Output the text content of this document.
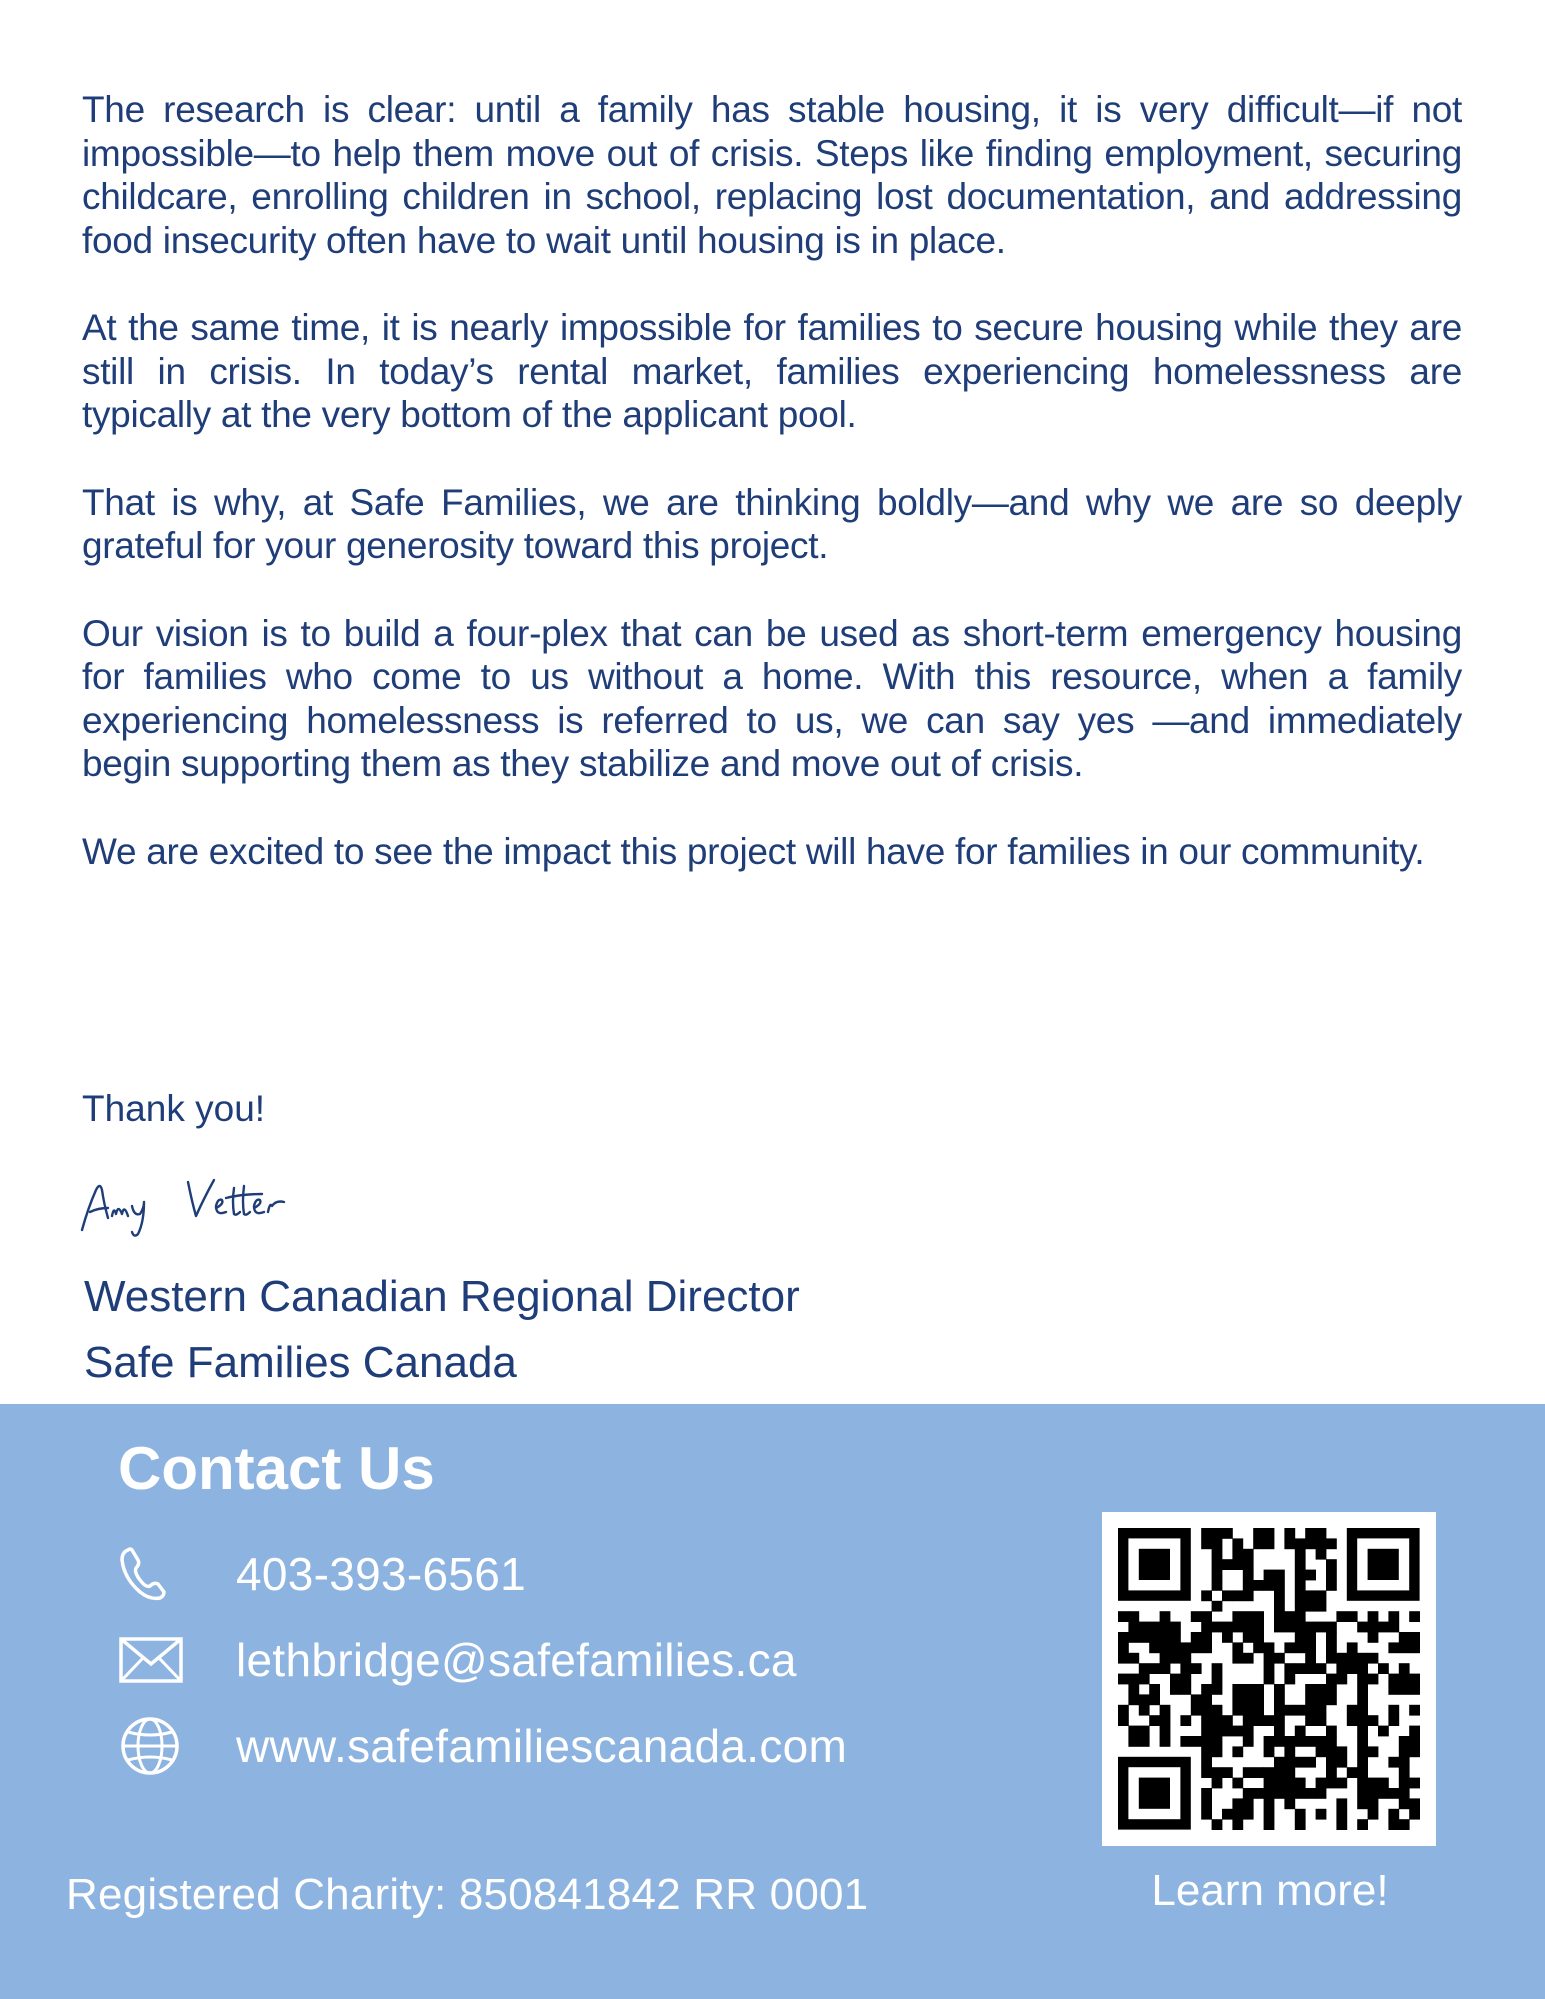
The research is clear: until a family has stable housing, it is very difficult—if not impossible—to help them move out of crisis. Steps like finding employment, securing childcare, enrolling children in school, replacing lost documentation, and addressing food insecurity often have to wait until housing is in place.

At the same time, it is nearly impossible for families to secure housing while they are still in crisis. In today’s rental market, families experiencing homelessness are typically at the very bottom of the applicant pool.

That is why, at Safe Families, we are thinking boldly—and why we are so deeply grateful for your generosity toward this project.

Our vision is to build a four-plex that can be used as short-term emergency housing for families who come to us without a home. With this resource, when a family experiencing homelessness is referred to us, we can say yes —and immediately begin supporting them as they stabilize and move out of crisis.

We are excited to see the impact this project will have for families in our community.

Thank you!

Amy Vetter
Western Canadian Regional Director
Safe Families Canada
Contact Us
403-393-6561
lethbridge@safefamilies.ca
www.safefamiliescanada.com
Registered Charity: 850841842 RR 0001	Learn more!
